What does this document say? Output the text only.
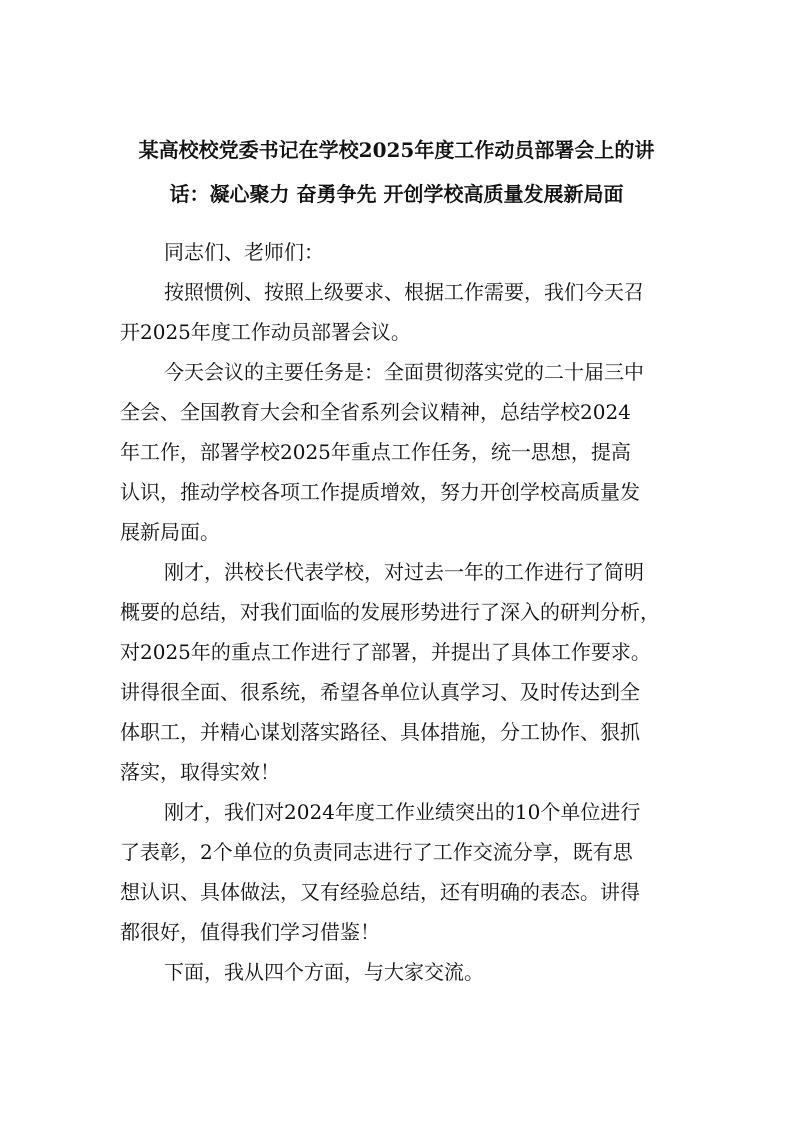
某高校校党委书记在学校2025年度工作动员部署会上的讲
话：凝心聚力 奋勇争先 开创学校高质量发展新局面
同志们、老师们：
按照惯例、按照上级要求、根据工作需要，我们今天召
开2025年度工作动员部署会议。
今天会议的主要任务是：全面贯彻落实党的二十届三中
全会、全国教育大会和全省系列会议精神，总结学校2024
年工作，部署学校2025年重点工作任务，统一思想，提高
认识，推动学校各项工作提质增效，努力开创学校高质量发
展新局面。
刚才，洪校长代表学校，对过去一年的工作进行了简明
概要的总结，对我们面临的发展形势进行了深入的研判分析，
对2025年的重点工作进行了部署，并提出了具体工作要求。
讲得很全面、很系统，希望各单位认真学习、及时传达到全
体职工，并精心谋划落实路径、具体措施，分工协作、狠抓
落实，取得实效！
刚才，我们对2024年度工作业绩突出的10个单位进行
了表彰，2个单位的负责同志进行了工作交流分享，既有思
想认识、具体做法，又有经验总结，还有明确的表态。讲得
都很好，值得我们学习借鉴！
下面，我从四个方面，与大家交流。
